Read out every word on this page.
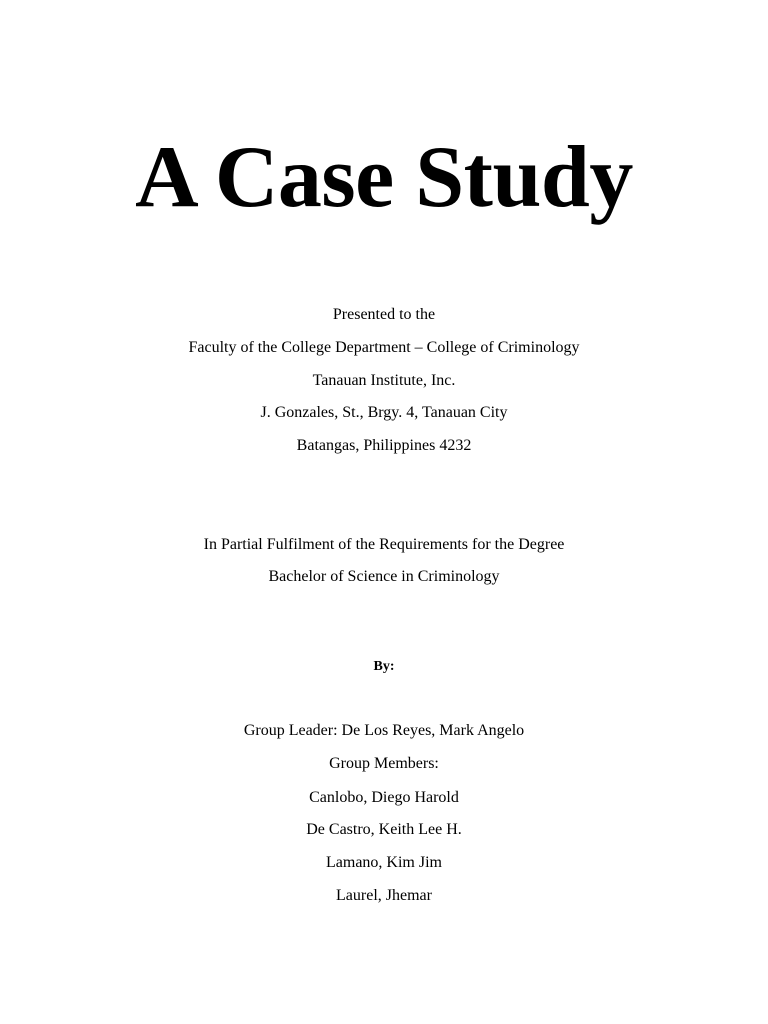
A Case Study

Presented to the

Faculty of the College Department – College of Criminology

Tanauan Institute, Inc.

J. Gonzales, St., Brgy. 4, Tanauan City

Batangas, Philippines 4232

In Partial Fulfilment of the Requirements for the Degree

Bachelor of Science in Criminology

By:

Group Leader: De Los Reyes, Mark Angelo

Group Members:

Canlobo, Diego Harold

De Castro, Keith Lee H.

Lamano, Kim Jim

Laurel, Jhemar
